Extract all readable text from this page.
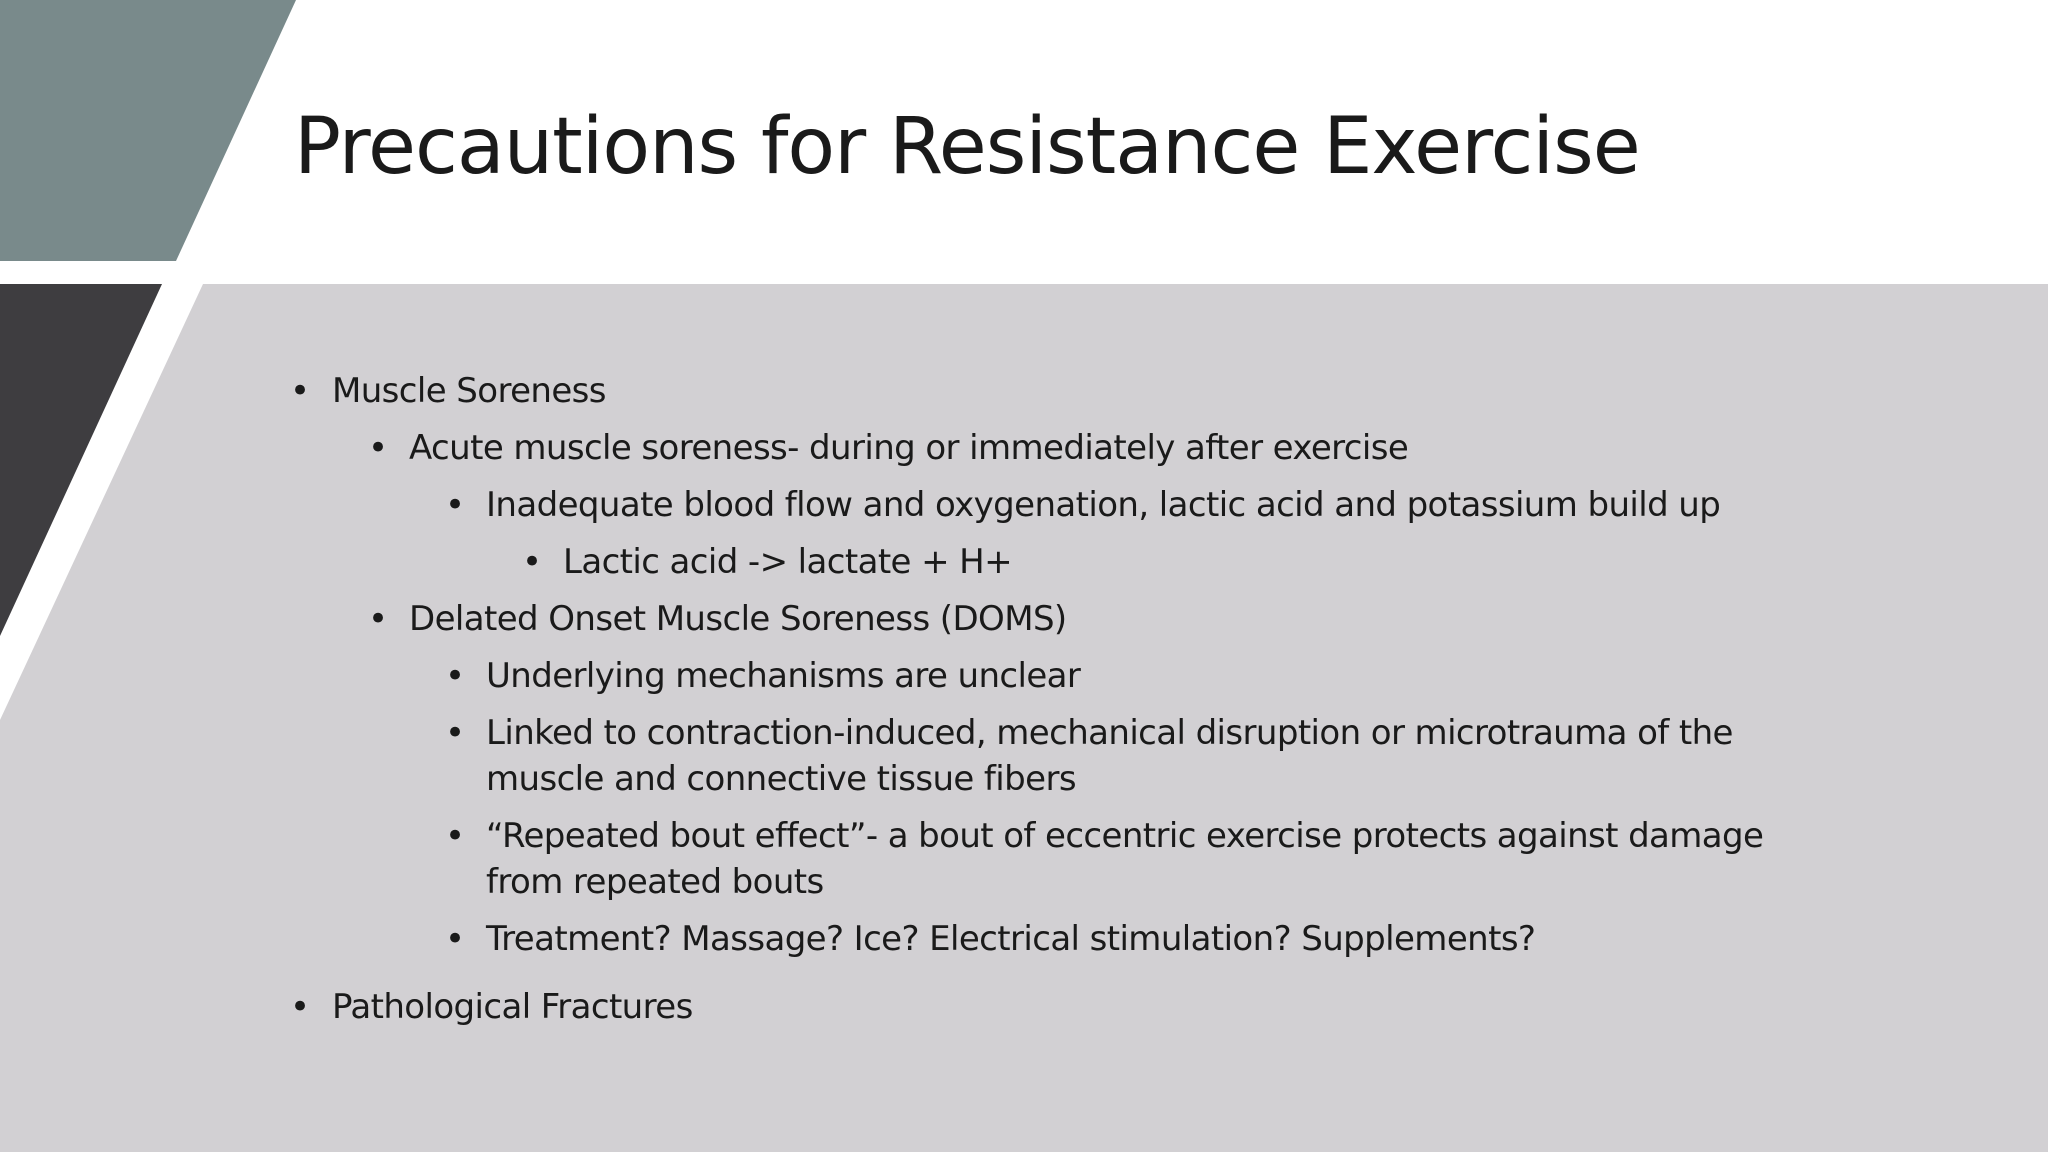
Precautions for Resistance Exercise
• Muscle Soreness
• Acute muscle soreness- during or immediately after exercise
• Inadequate blood flow and oxygenation, lactic acid and potassium build up
• Lactic acid -> lactate + H+
• Delated Onset Muscle Soreness (DOMS)
• Underlying mechanisms are unclear
• Linked to contraction-induced, mechanical disruption or microtrauma of the muscle and connective tissue fibers
• “Repeated bout effect”- a bout of eccentric exercise protects against damage from repeated bouts
• Treatment? Massage? Ice? Electrical stimulation? Supplements?
• Pathological Fractures
